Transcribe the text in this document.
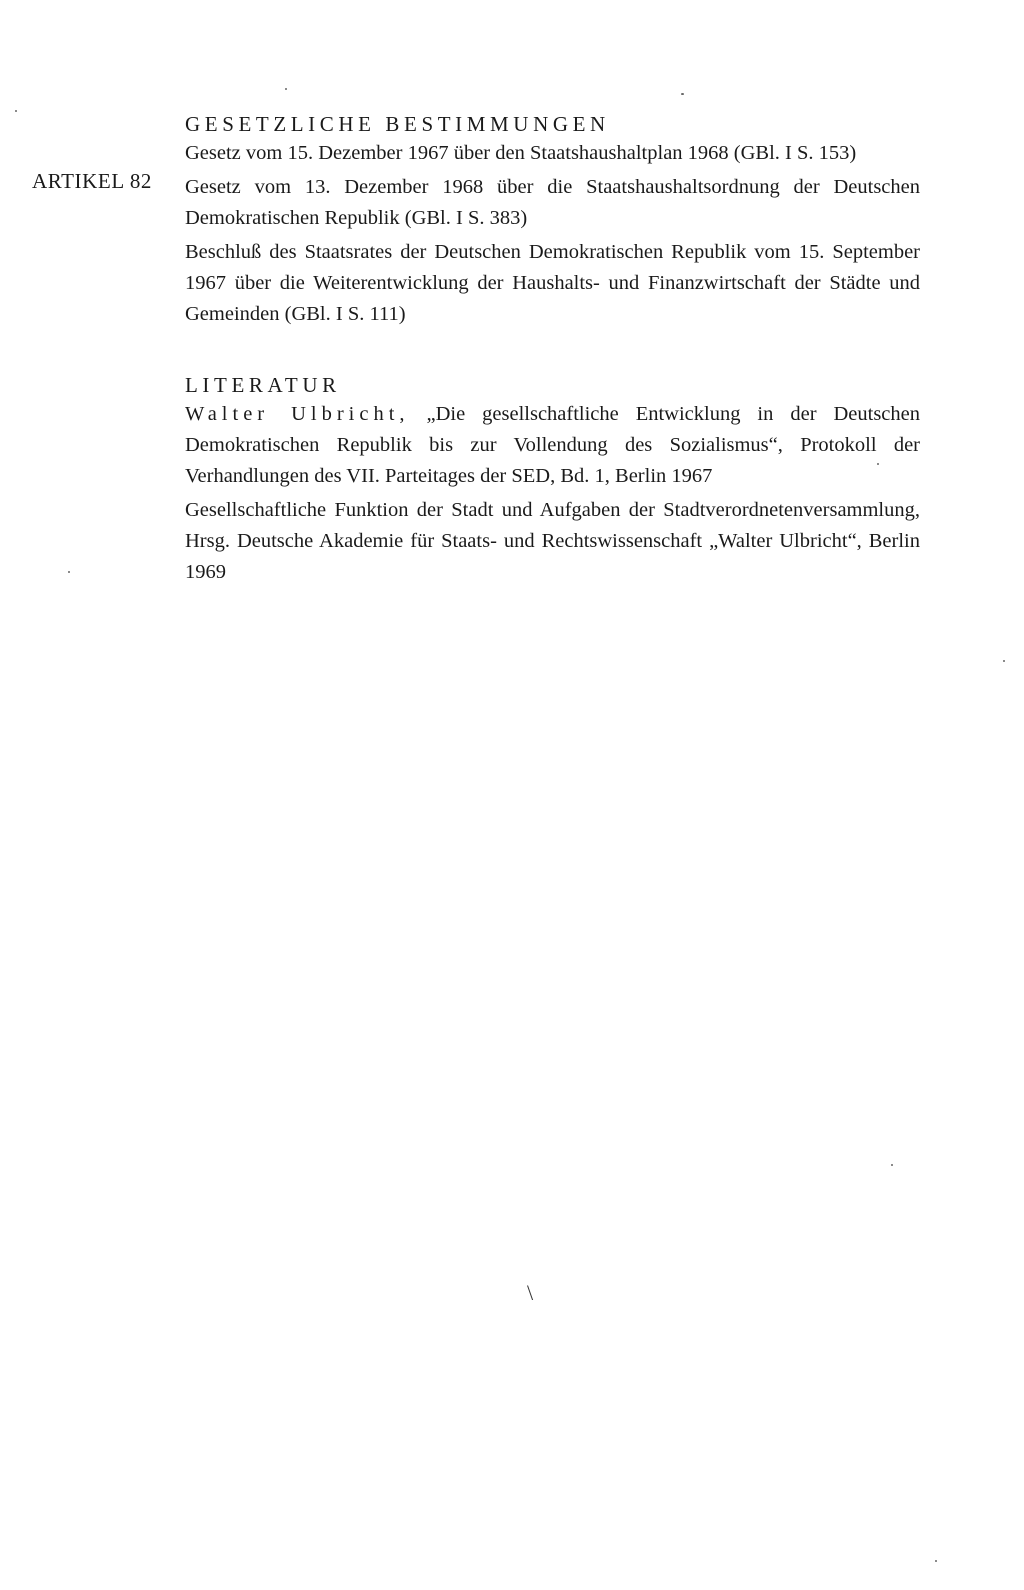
ARTIKEL 82
GESETZLICHE BESTIMMUNGEN

Gesetz vom 15. Dezember 1967 über den Staatshaushaltplan 1968 (GBl. I S. 153)

Gesetz vom 13. Dezember 1968 über die Staatshaushaltsordnung der Deutschen Demokratischen Republik (GBl. I S. 383)

Beschluß des Staatsrates der Deutschen Demokratischen Republik vom 15. September 1967 über die Weiterentwicklung der Haushalts- und Finanzwirtschaft der Städte und Gemeinden (GBl. I S. 111)

LITERATUR

Walter Ulbricht, „Die gesellschaftliche Entwicklung in der Deutschen Demokratischen Republik bis zur Vollendung des Sozialismus“, Protokoll der Verhandlungen des VII. Parteitages der SED, Bd. 1, Berlin 1967

Gesellschaftliche Funktion der Stadt und Aufgaben der Stadtverordnetenversammlung, Hrsg. Deutsche Akademie für Staats- und Rechtswissenschaft „Walter Ulbricht“, Berlin 1969

\
